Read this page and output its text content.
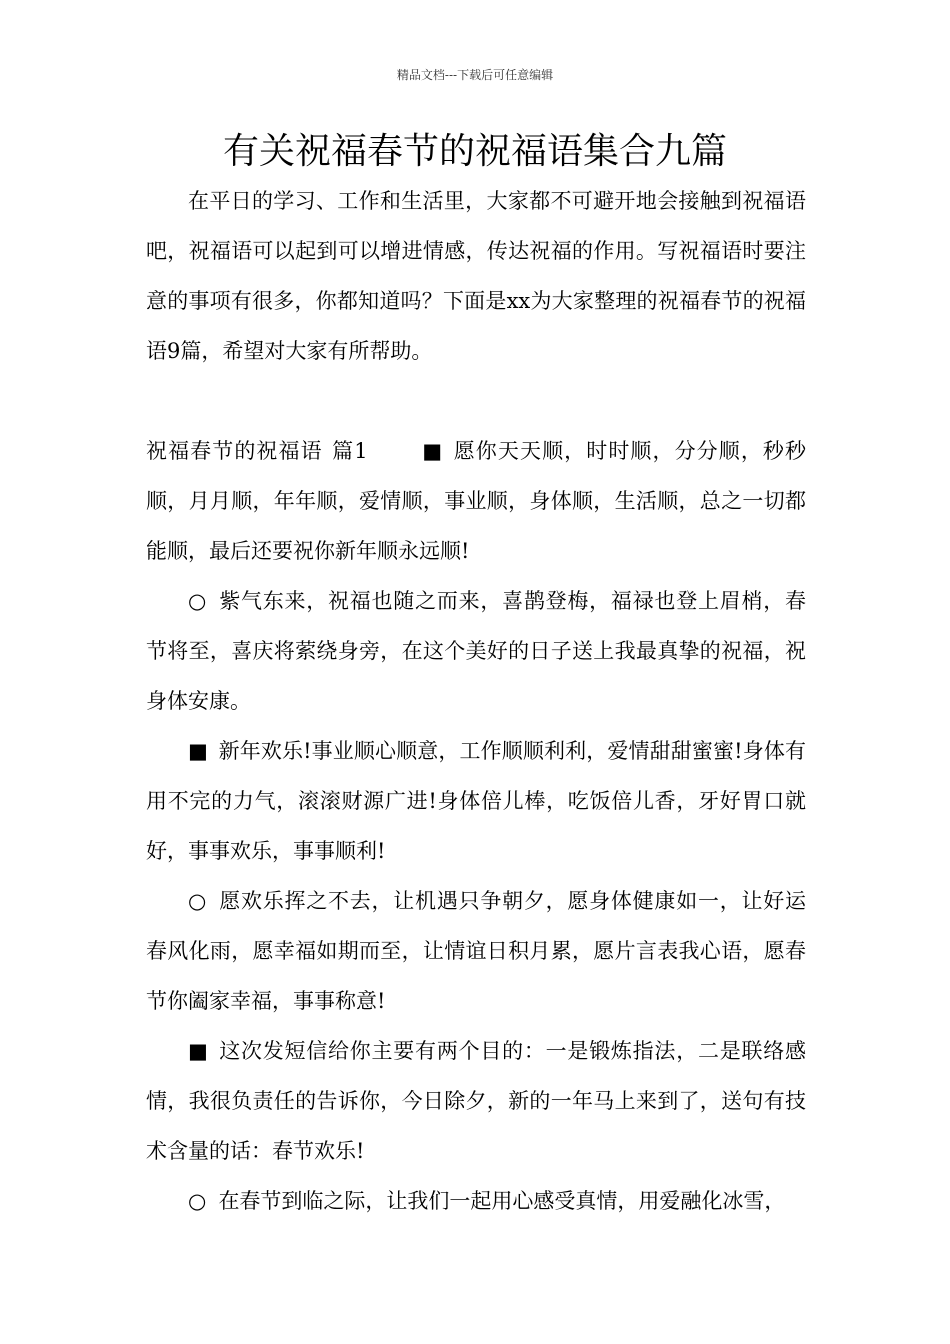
精品文档---下载后可任意编辑
有关祝福春节的祝福语集合九篇

在平日的学习、工作和生活里，大家都不可避开地会接触到祝福语吧，祝福语可以起到可以增进情感，传达祝福的作用。写祝福语时要注意的事项有很多，你都知道吗？下面是xx为大家整理的祝福春节的祝福语9篇，希望对大家有所帮助。

祝福春节的祝福语 篇1	■ 愿你天天顺，时时顺，分分顺，秒秒顺，月月顺，年年顺，爱情顺，事业顺，身体顺，生活顺，总之一切都能顺，最后还要祝你新年顺永远顺!

○ 紫气东来，祝福也随之而来，喜鹊登梅，福禄也登上眉梢，春节将至，喜庆将萦绕身旁，在这个美好的日子送上我最真挚的祝福，祝身体安康。

■ 新年欢乐!事业顺心顺意，工作顺顺利利，爱情甜甜蜜蜜!身体有用不完的力气，滚滚财源广进!身体倍儿棒，吃饭倍儿香，牙好胃口就好，事事欢乐，事事顺利!

○ 愿欢乐挥之不去，让机遇只争朝夕，愿身体健康如一，让好运春风化雨，愿幸福如期而至，让情谊日积月累，愿片言表我心语，愿春节你阖家幸福，事事称意!

■ 这次发短信给你主要有两个目的：一是锻炼指法，二是联络感情，我很负责任的告诉你，今日除夕，新的一年马上来到了，送句有技术含量的话：春节欢乐!

○ 在春节到临之际，让我们一起用心感受真情，用爱融化冰雪，
